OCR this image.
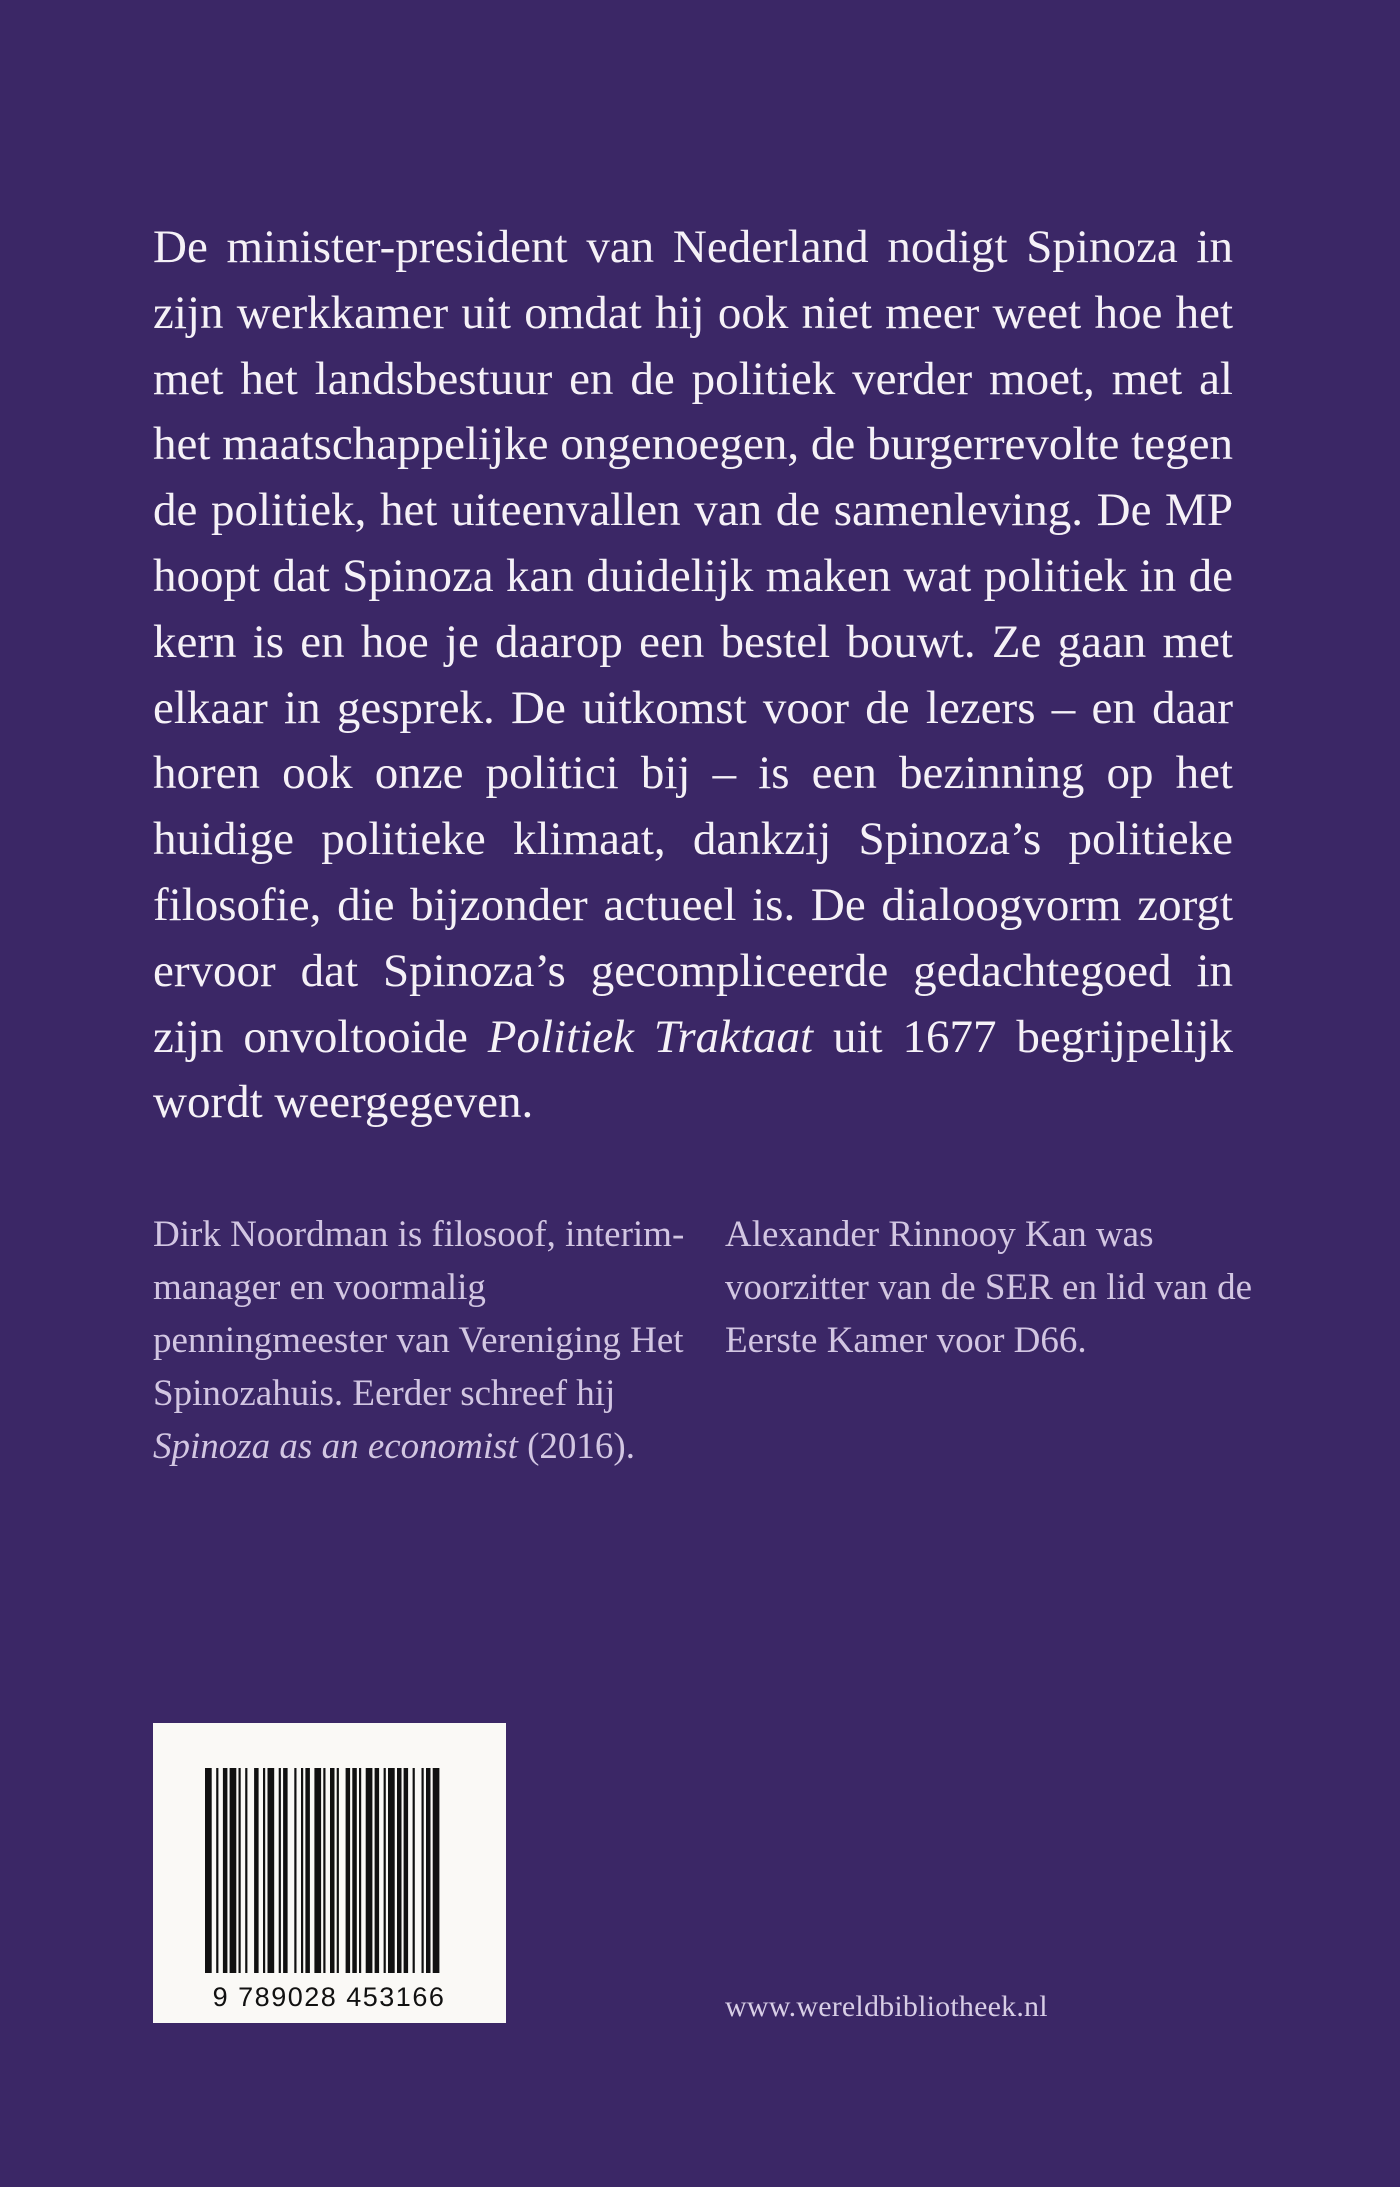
De minister-president van Nederland nodigt Spinoza in zijn werkkamer uit omdat hij ook niet meer weet hoe het met het landsbestuur en de politiek verder moet, met al het maatschappelijke ongenoegen, de burgerrevolte tegen de politiek, het uiteenvallen van de samenleving. De MP hoopt dat Spinoza kan duidelijk maken wat politiek in de kern is en hoe je daarop een bestel bouwt. Ze gaan met elkaar in gesprek. De uitkomst voor de lezers – en daar horen ook onze politici bij – is een bezinning op het huidige politieke klimaat, dankzij Spinoza’s politieke filosofie, die bijzonder actueel is. De dialoogvorm zorgt ervoor dat Spinoza’s gecompliceerde gedachtegoed in zijn onvoltooide Politiek Traktaat uit 1677 begrijpelijk wordt weergegeven.

Dirk Noordman is filosoof, interim-manager en voormalig penningmeester van Vereniging Het Spinozahuis. Eerder schreef hij Spinoza as an economist (2016).

Alexander Rinnooy Kan was voorzitter van de SER en lid van de Eerste Kamer voor D66.

9 789028 453166	www.wereldbibliotheek.nl
